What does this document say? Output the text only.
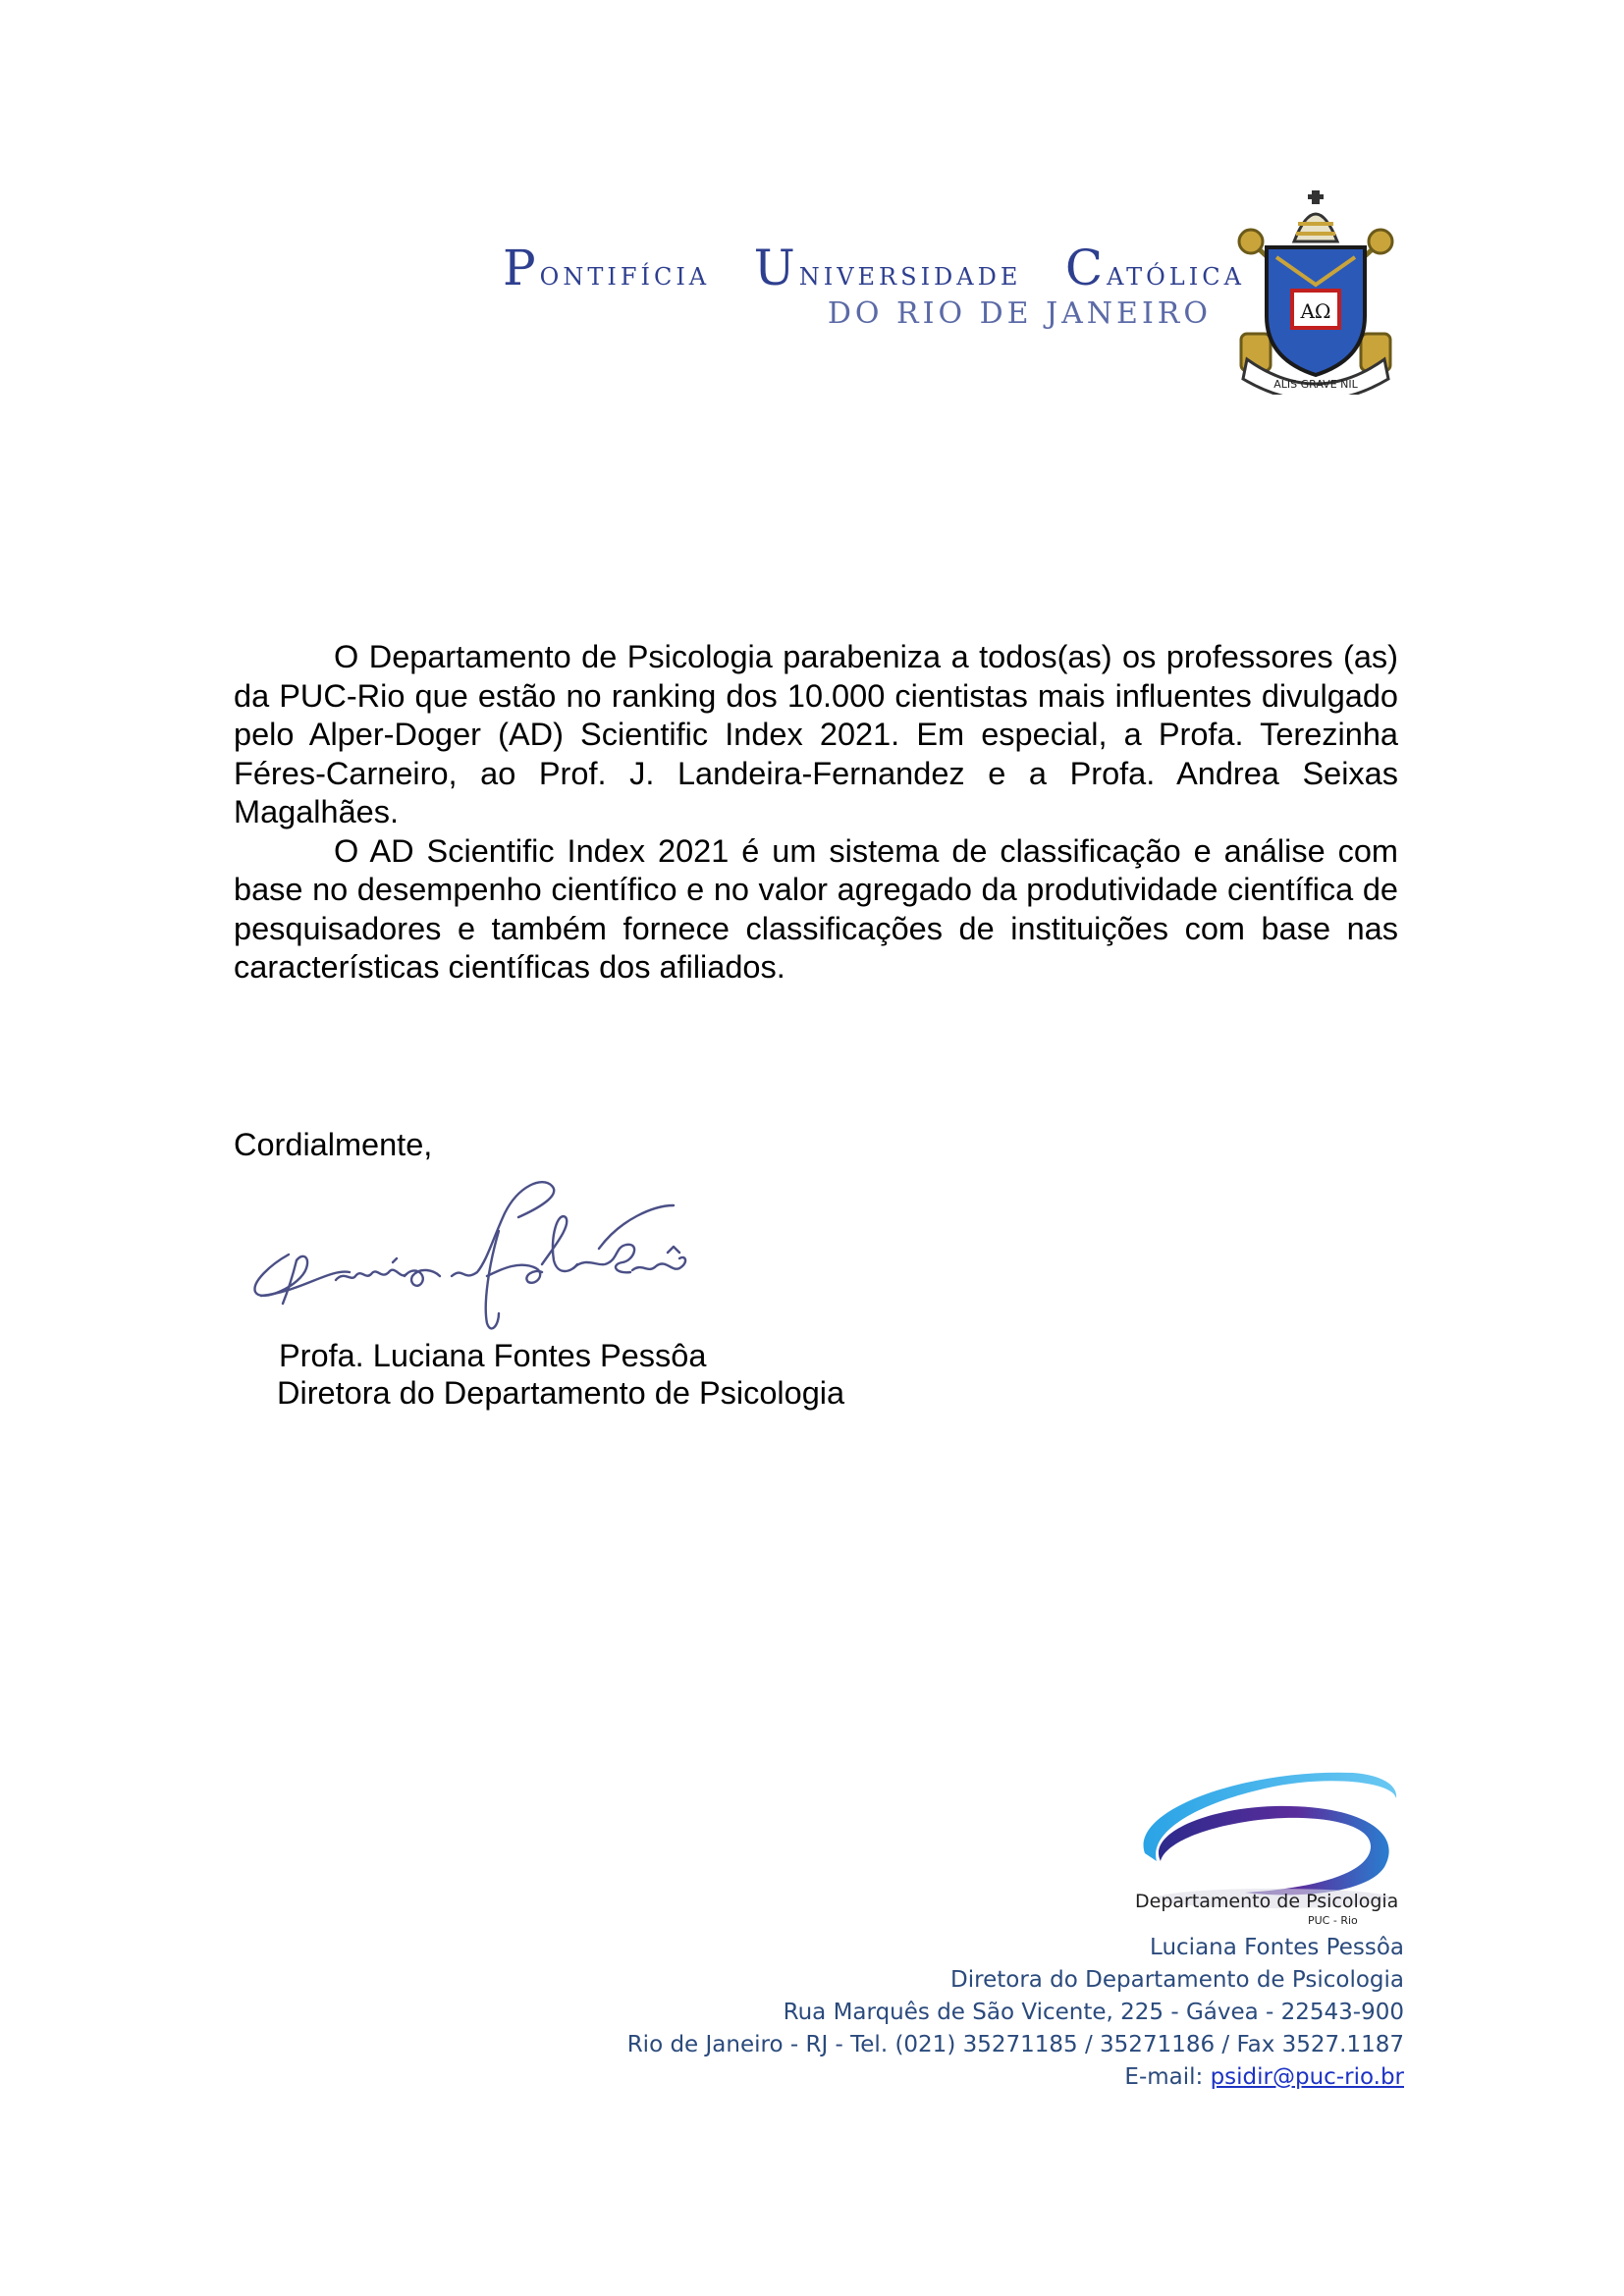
Pontifícia Universidade Católica
DO RIO DE JANEIRO	AΩ
ALIS GRAVE NIL

O Departamento de Psicologia parabeniza a todos(as) os professores (as) da PUC-Rio que estão no ranking dos 10.000 cientistas mais influentes divulgado pelo Alper-Doger (AD) Scientific Index 2021. Em especial, a Profa. Terezinha Féres-Carneiro, ao Prof. J. Landeira-Fernandez e a Profa. Andrea Seixas Magalhães.

O AD Scientific Index 2021 é um sistema de classificação e análise com base no desempenho científico e no valor agregado da produtividade científica de pesquisadores e também fornece classificações de instituições com base nas características científicas dos afiliados.

Cordialmente,
Profa. Luciana Fontes Pessôa
Diretora do Departamento de Psicologia
Departamento de Psicologia
PUC - Rio
Luciana Fontes Pessôa
Diretora do Departamento de Psicologia
Rua Marquês de São Vicente, 225 - Gávea - 22543-900
Rio de Janeiro - RJ - Tel. (021) 35271185 / 35271186 / Fax 3527.1187
E-mail: psidir@puc-rio.br
